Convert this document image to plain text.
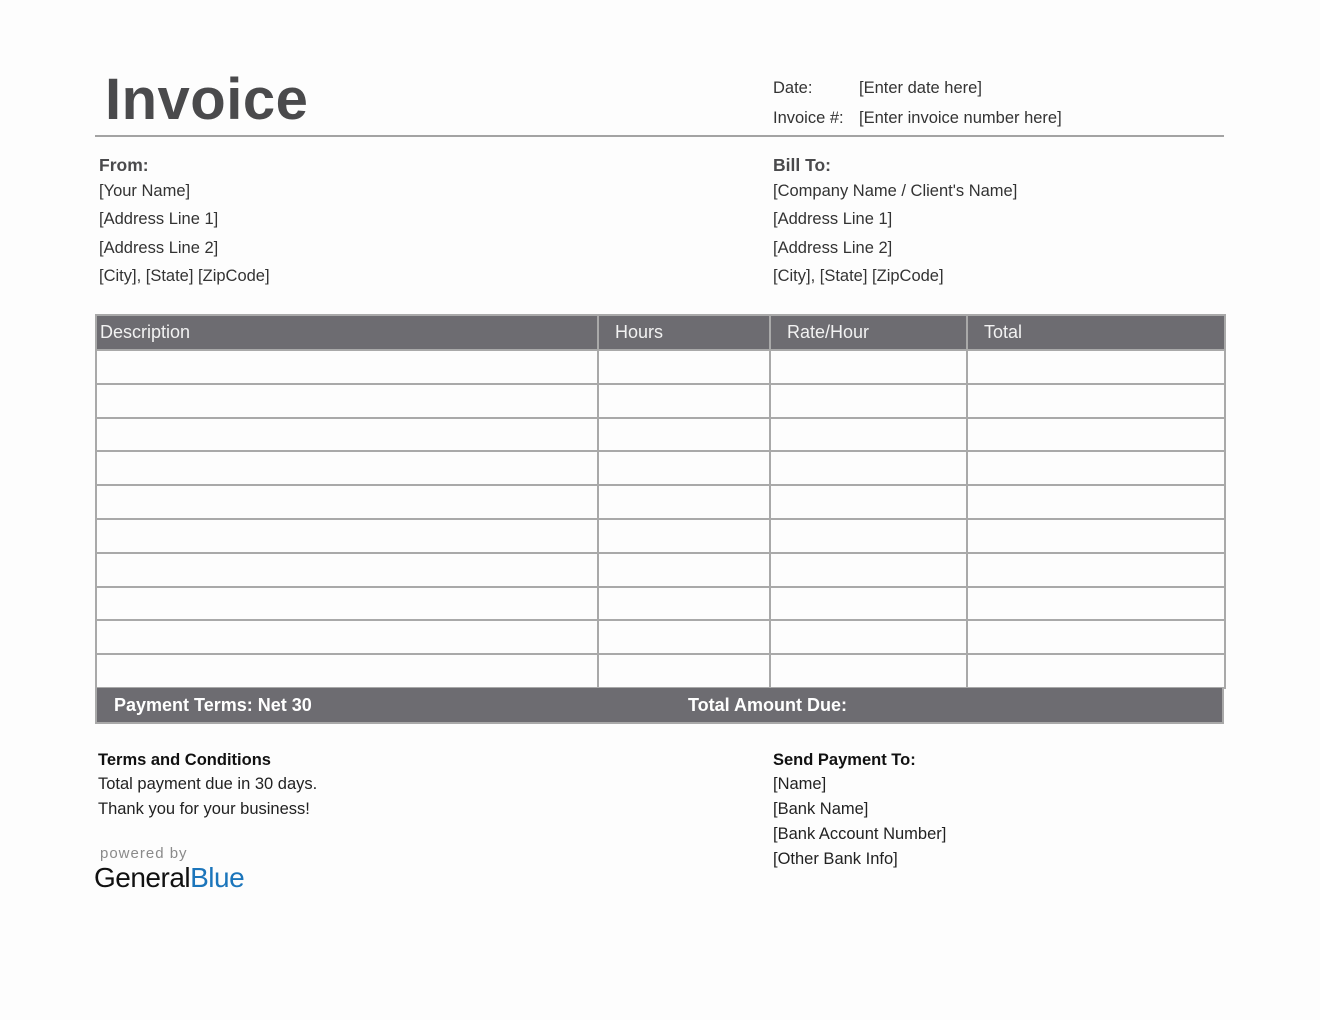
Invoice	Date:	[Enter date here]
Invoice #: [Enter invoice number here]
From:
[Your Name]
[Address Line 1]
[Address Line 2]
[City], [State] [ZipCode]
Bill To:
[Company Name / Client's Name]
[Address Line 1]
[Address Line 2]
[City], [State] [ZipCode]
Description	Hours	Rate/Hour	Total

Payment Terms: Net 30	Total Amount Due:
Terms and Conditions
Total payment due in 30 days.
Thank you for your business!
Send Payment To:
[Name]
[Bank Name]
[Bank Account Number]
[Other Bank Info]
powered by
GeneralBlue
